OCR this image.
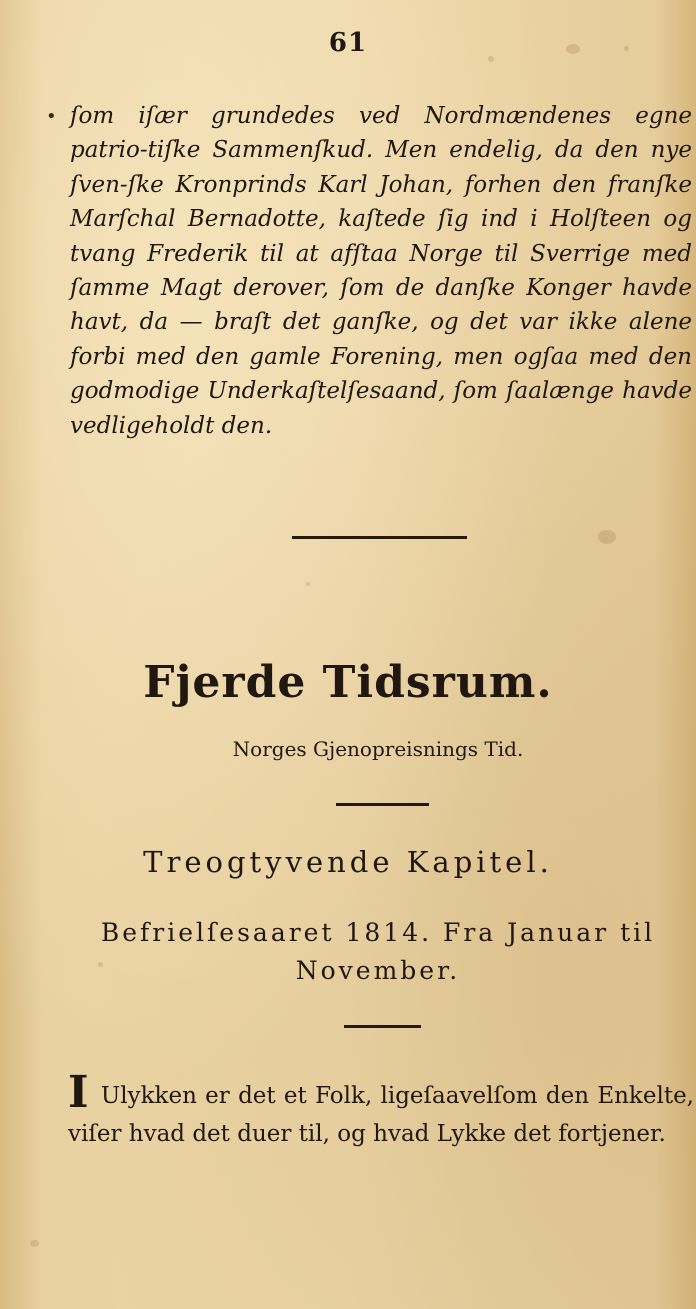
61
• ſom iſær grundedes ved Nordmændenes egne patrio-tiſke Sammenſkud. Men endelig, da den nye ſven-ſke Kronprinds Karl Johan, forhen den franſke Marſchal Bernadotte, kaſtede ſig ind i Holſteen og tvang Frederik til at afſtaa Norge til Sverrige med ſamme Magt derover, ſom de danſke Konger havde havt, da — braſt det ganſke, og det var ikke alene forbi med den gamle Forening, men ogſaa med den godmodige Underkaſtelſesaand, ſom ſaalænge havde vedligeholdt den.

Fjerde Tidsrum.
Norges Gjenopreisnings Tid.
Treogtyvende Kapitel.
Befrielſesaaret 1814. Fra Januar til November.

I Ulykken er det et Folk, ligeſaavelſom den Enkelte, viſer hvad det duer til, og hvad Lykke det fortjener.
